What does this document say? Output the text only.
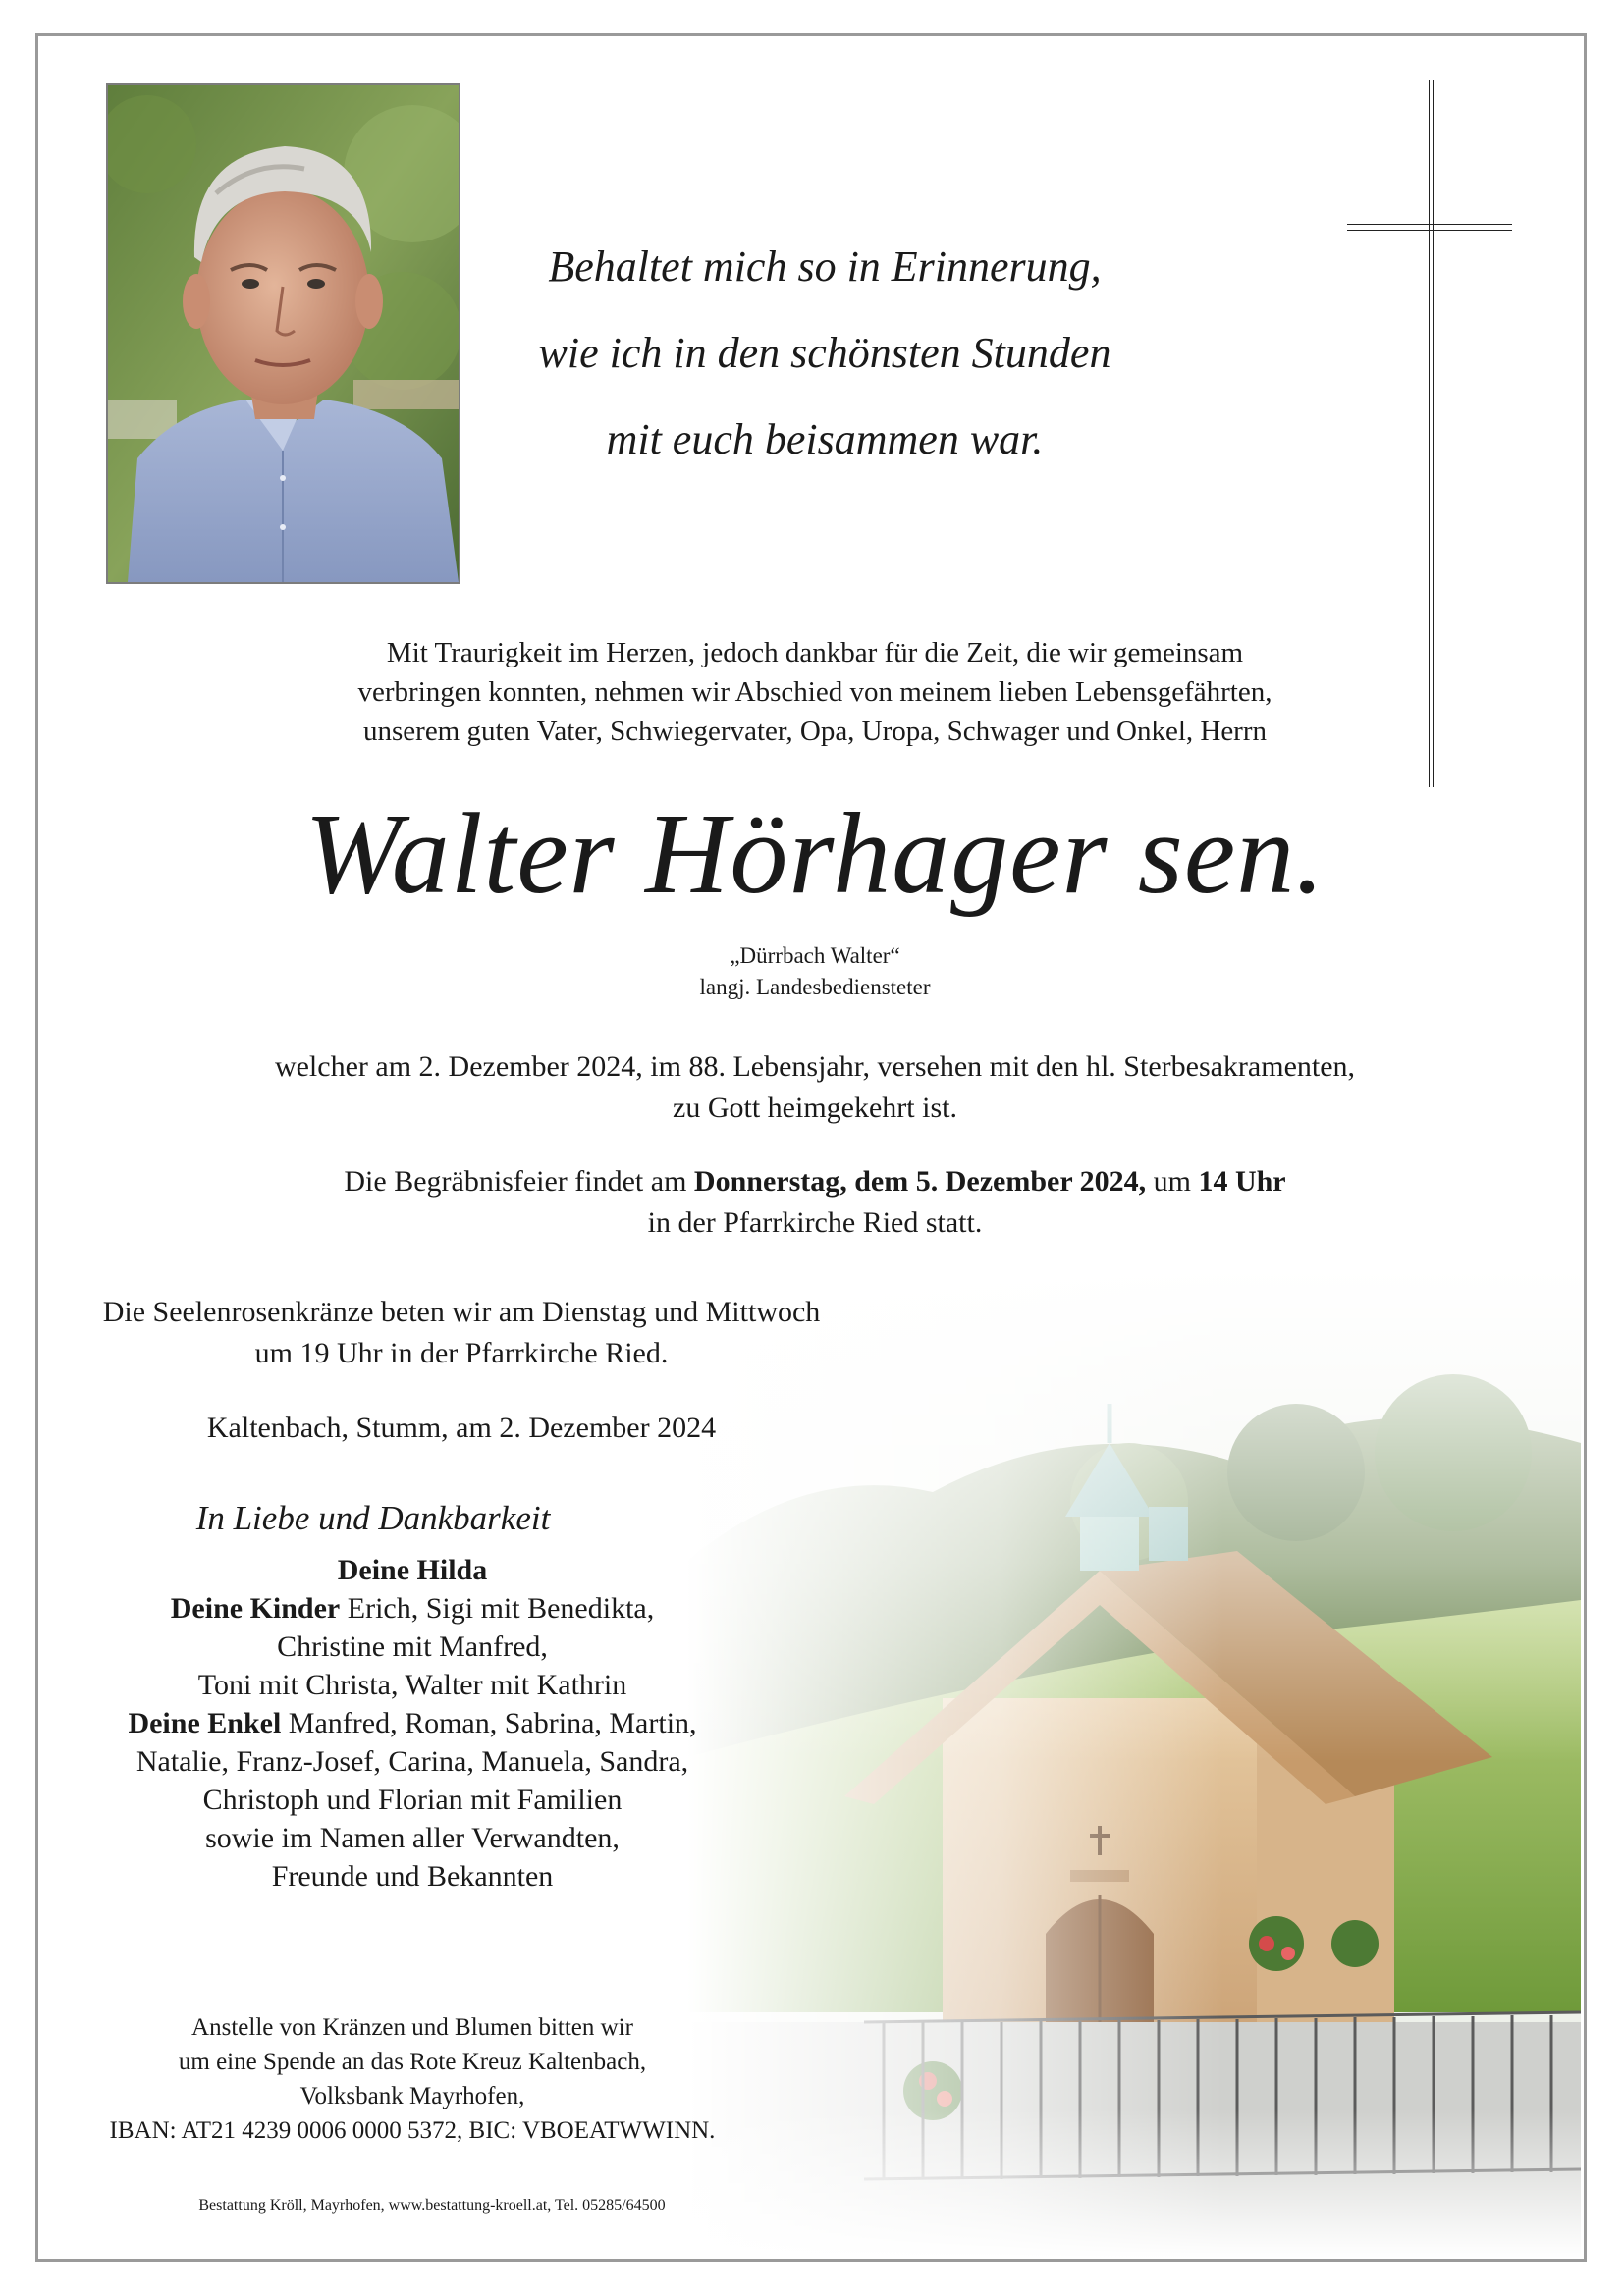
Behaltet mich so in Erinnerung,
wie ich in den schönsten Stunden
mit euch beisammen war.
Mit Traurigkeit im Herzen, jedoch dankbar für die Zeit, die wir gemeinsam
verbringen konnten, nehmen wir Abschied von meinem lieben Lebensgefährten,
unserem guten Vater, Schwiegervater, Opa, Uropa, Schwager und Onkel, Herrn
Walter Hörhager sen.
„Dürrbach Walter“
langj. Landesbediensteter
welcher am 2. Dezember 2024, im 88. Lebensjahr, versehen mit den hl. Sterbesakramenten,
zu Gott heimgekehrt ist.
Die Begräbnisfeier findet am Donnerstag, dem 5. Dezember 2024, um 14 Uhr
in der Pfarrkirche Ried statt.
Die Seelenrosenkränze beten wir am Dienstag und Mittwoch
um 19 Uhr in der Pfarrkirche Ried.
Kaltenbach, Stumm, am 2. Dezember 2024
In Liebe und Dankbarkeit
Deine Hilda
Deine Kinder Erich, Sigi mit Benedikta,
Christine mit Manfred,
Toni mit Christa, Walter mit Kathrin
Deine Enkel Manfred, Roman, Sabrina, Martin,
Natalie, Franz-Josef, Carina, Manuela, Sandra,
Christoph und Florian mit Familien
sowie im Namen aller Verwandten,
Freunde und Bekannten
Anstelle von Kränzen und Blumen bitten wir
um eine Spende an das Rote Kreuz Kaltenbach,
Volksbank Mayrhofen,
IBAN: AT21 4239 0006 0000 5372, BIC: VBOEATWWINN.
Bestattung Kröll, Mayrhofen, www.bestattung-kroell.at, Tel. 05285/64500
